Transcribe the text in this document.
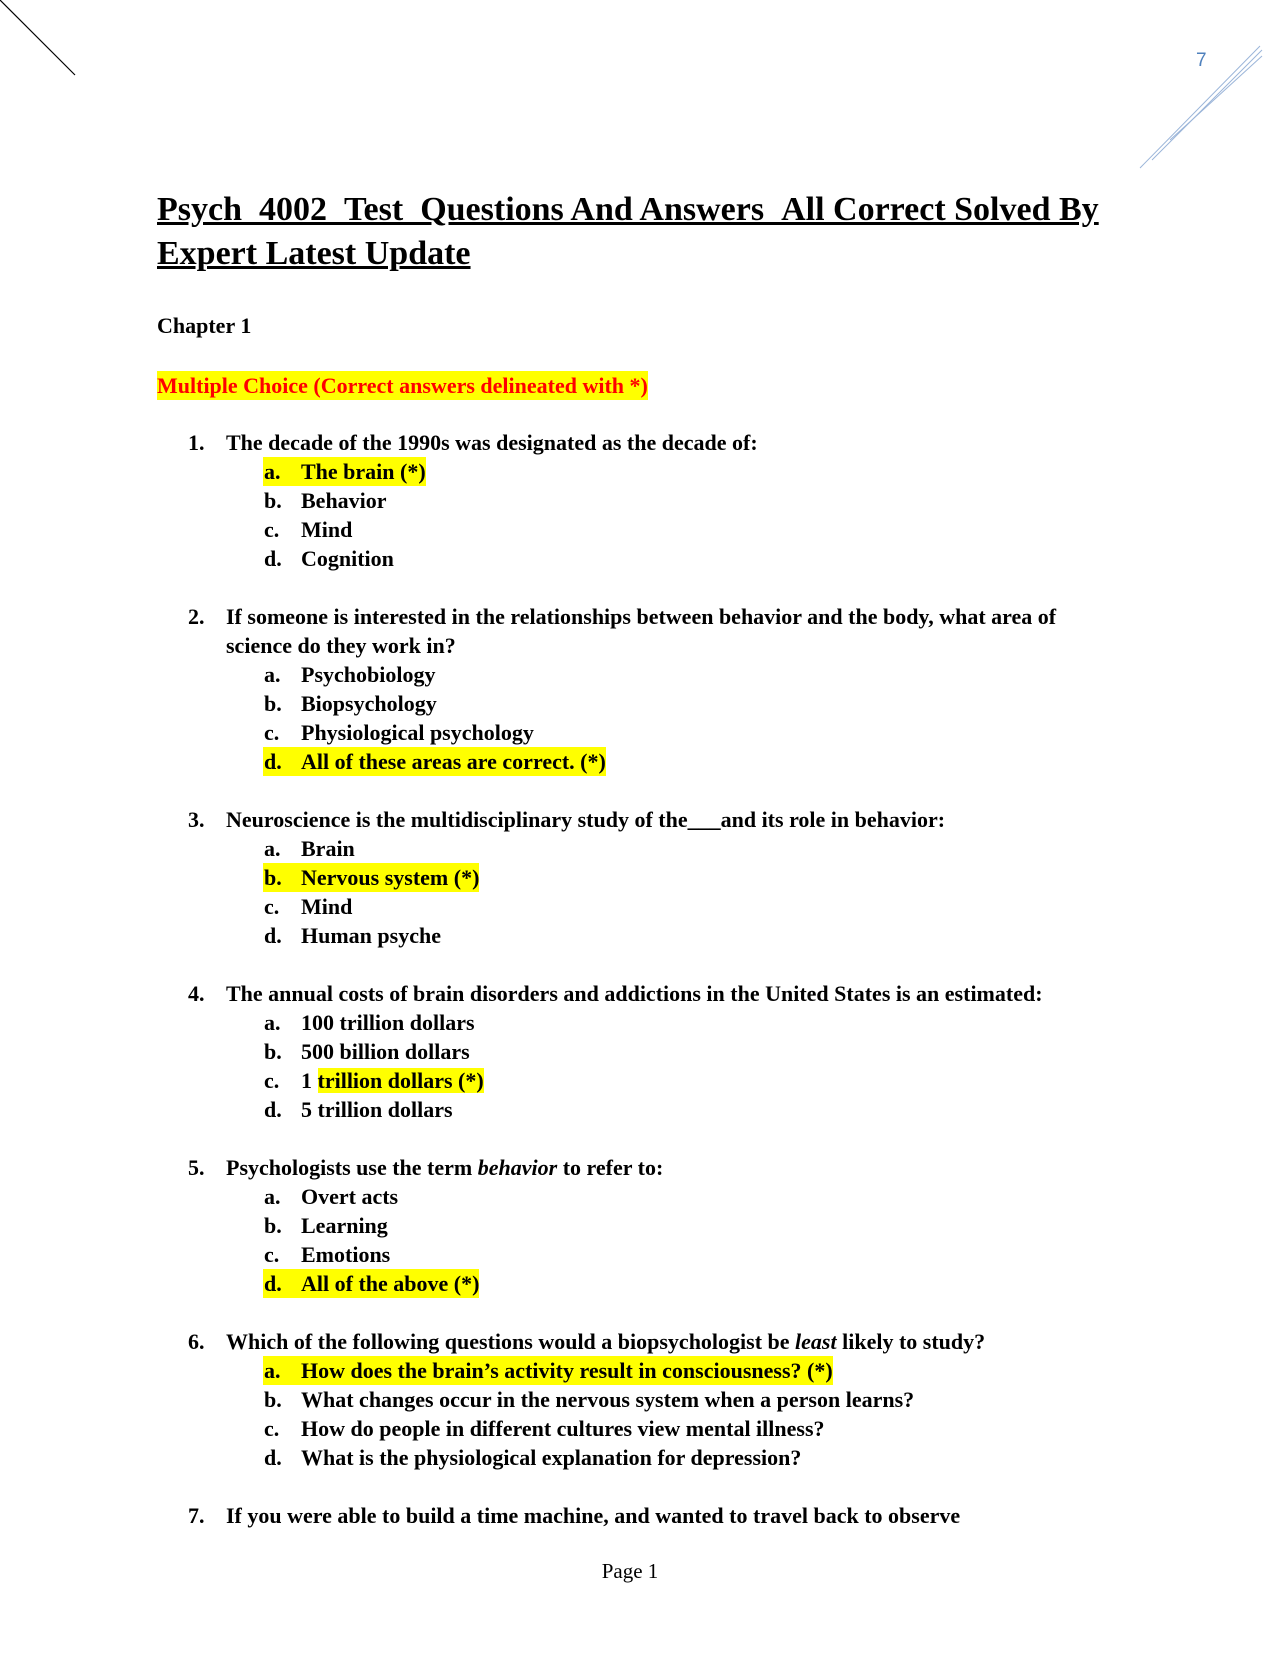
7
Psych_4002_Test_Questions And Answers_All Correct Solved By Expert Latest Update
Chapter 1
Multiple Choice (Correct answers delineated with *)
1. The decade of the 1990s was designated as the decade of:
a. The brain (*)
b. Behavior
c. Mind
d. Cognition
2. If someone is interested in the relationships between behavior and the body, what area of science do they work in?
a. Psychobiology
b. Biopsychology
c. Physiological psychology
d. All of these areas are correct. (*)
3. Neuroscience is the multidisciplinary study of the___and its role in behavior:
a. Brain
b. Nervous system (*)
c. Mind
d. Human psyche
4. The annual costs of brain disorders and addictions in the United States is an estimated:
a. 100 trillion dollars
b. 500 billion dollars
c. 1 trillion dollars (*)
d. 5 trillion dollars
5. Psychologists use the term behavior to refer to:
a. Overt acts
b. Learning
c. Emotions
d. All of the above (*)
6. Which of the following questions would a biopsychologist be least likely to study?
a. How does the brain’s activity result in consciousness? (*)
b. What changes occur in the nervous system when a person learns?
c. How do people in different cultures view mental illness?
d. What is the physiological explanation for depression?
7. If you were able to build a time machine, and wanted to travel back to observe
Page 1
